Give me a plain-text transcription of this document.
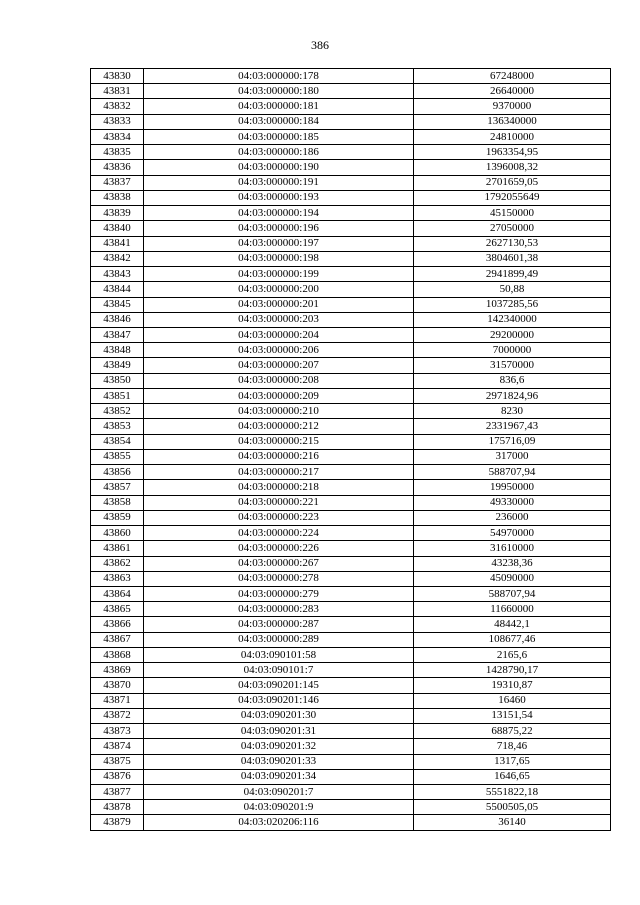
386
43830	04:03:000000:178	67248000
43831	04:03:000000:180	26640000
43832	04:03:000000:181	9370000
43833	04:03:000000:184	136340000
43834	04:03:000000:185	24810000
43835	04:03:000000:186	1963354,95
43836	04:03:000000:190	1396008,32
43837	04:03:000000:191	2701659,05
43838	04:03:000000:193	1792055649
43839	04:03:000000:194	45150000
43840	04:03:000000:196	27050000
43841	04:03:000000:197	2627130,53
43842	04:03:000000:198	3804601,38
43843	04:03:000000:199	2941899,49
43844	04:03:000000:200	50,88
43845	04:03:000000:201	1037285,56
43846	04:03:000000:203	142340000
43847	04:03:000000:204	29200000
43848	04:03:000000:206	7000000
43849	04:03:000000:207	31570000
43850	04:03:000000:208	836,6
43851	04:03:000000:209	2971824,96
43852	04:03:000000:210	8230
43853	04:03:000000:212	2331967,43
43854	04:03:000000:215	175716,09
43855	04:03:000000:216	317000
43856	04:03:000000:217	588707,94
43857	04:03:000000:218	19950000
43858	04:03:000000:221	49330000
43859	04:03:000000:223	236000
43860	04:03:000000:224	54970000
43861	04:03:000000:226	31610000
43862	04:03:000000:267	43238,36
43863	04:03:000000:278	45090000
43864	04:03:000000:279	588707,94
43865	04:03:000000:283	11660000
43866	04:03:000000:287	48442,1
43867	04:03:000000:289	108677,46
43868	04:03:090101:58	2165,6
43869	04:03:090101:7	1428790,17
43870	04:03:090201:145	19310,87
43871	04:03:090201:146	16460
43872	04:03:090201:30	13151,54
43873	04:03:090201:31	68875,22
43874	04:03:090201:32	718,46
43875	04:03:090201:33	1317,65
43876	04:03:090201:34	1646,65
43877	04:03:090201:7	5551822,18
43878	04:03:090201:9	5500505,05
43879	04:03:020206:116	36140
